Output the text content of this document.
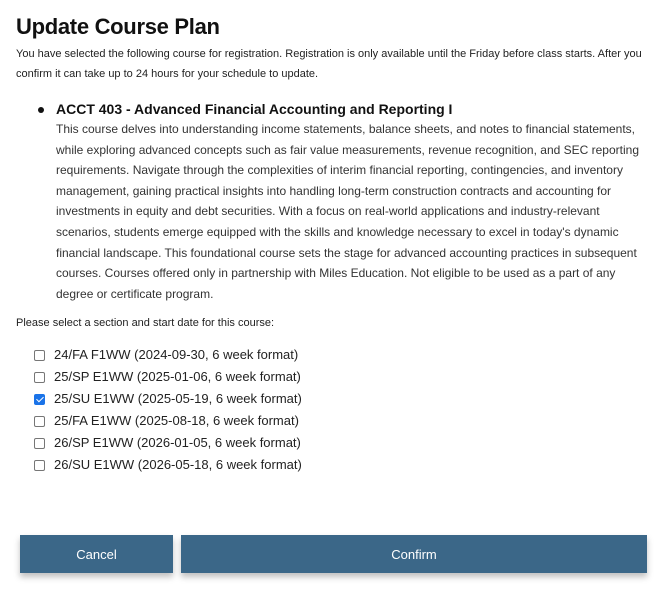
Update Course Plan

You have selected the following course for registration. Registration is only available until the Friday before class starts. After you confirm it can take up to 24 hours for your schedule to update.

ACCT 403 - Advanced Financial Accounting and Reporting I
This course delves into understanding income statements, balance sheets, and notes to financial statements, while exploring advanced concepts such as fair value measurements, revenue recognition, and SEC reporting requirements. Navigate through the complexities of interim financial reporting, contingencies, and inventory management, gaining practical insights into handling long-term construction contracts and accounting for investments in equity and debt securities. With a focus on real-world applications and industry-relevant scenarios, students emerge equipped with the skills and knowledge necessary to excel in today's dynamic financial landscape. This foundational course sets the stage for advanced accounting practices in subsequent courses. Courses offered only in partnership with Miles Education. Not eligible to be used as a part of any degree or certificate program.
Please select a section and start date for this course:
24/FA F1WW (2024-09-30, 6 week format)
25/SP E1WW (2025-01-06, 6 week format)
25/SU E1WW (2025-05-19, 6 week format)
25/FA E1WW (2025-08-18, 6 week format)
26/SP E1WW (2026-01-05, 6 week format)
26/SU E1WW (2026-05-18, 6 week format)
Cancel	Confirm
